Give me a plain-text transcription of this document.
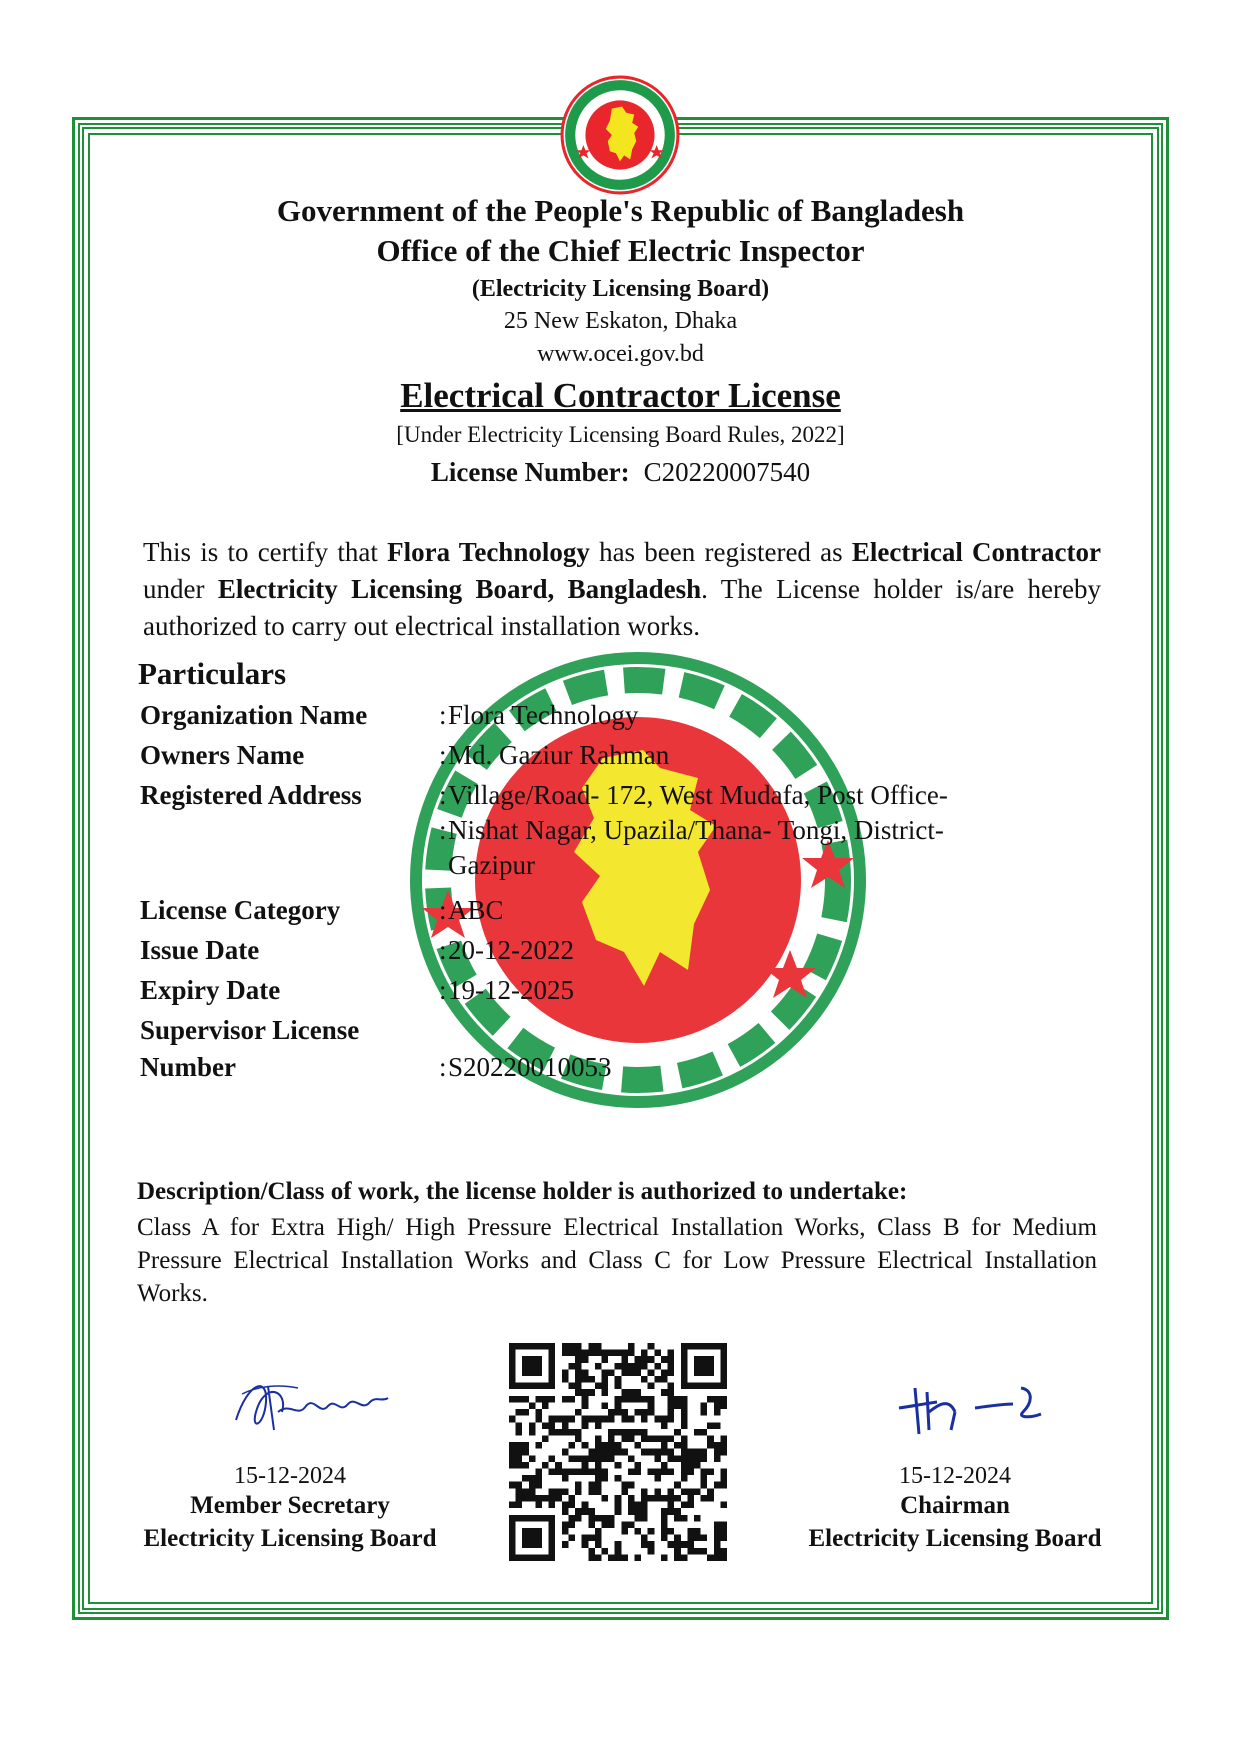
Government of the People's Republic of Bangladesh
Office of the Chief Electric Inspector
(Electricity Licensing Board)
25 New Eskaton, Dhaka
www.ocei.gov.bd
Electrical Contractor License
[Under Electricity Licensing Board Rules, 2022]
License Number: C20220007540
This is to certify that Flora Technology has been registered as Electrical Contractor under Electricity Licensing Board, Bangladesh. The License holder is/are hereby authorized to carry out electrical installation works.
Particulars
Organization Name	: Flora Technology
Owners Name	: Md. Gaziur Rahman
Registered Address	: Village/Road- 172, West Mudafa, Post Office-
: Nishat Nagar, Upazila/Thana- Tongi, District-
Gazipur
License Category	: ABC
Issue Date	: 20-12-2022
Expiry Date	: 19-12-2025
Supervisor License
Number	: S20220010053
Description/Class of work, the license holder is authorized to undertake:
Class A for Extra High/ High Pressure Electrical Installation Works, Class B for Medium Pressure Electrical Installation Works and Class C for Low Pressure Electrical Installation Works.
15-12-2024
Member Secretary
Electricity Licensing Board
15-12-2024
Chairman
Electricity Licensing Board
